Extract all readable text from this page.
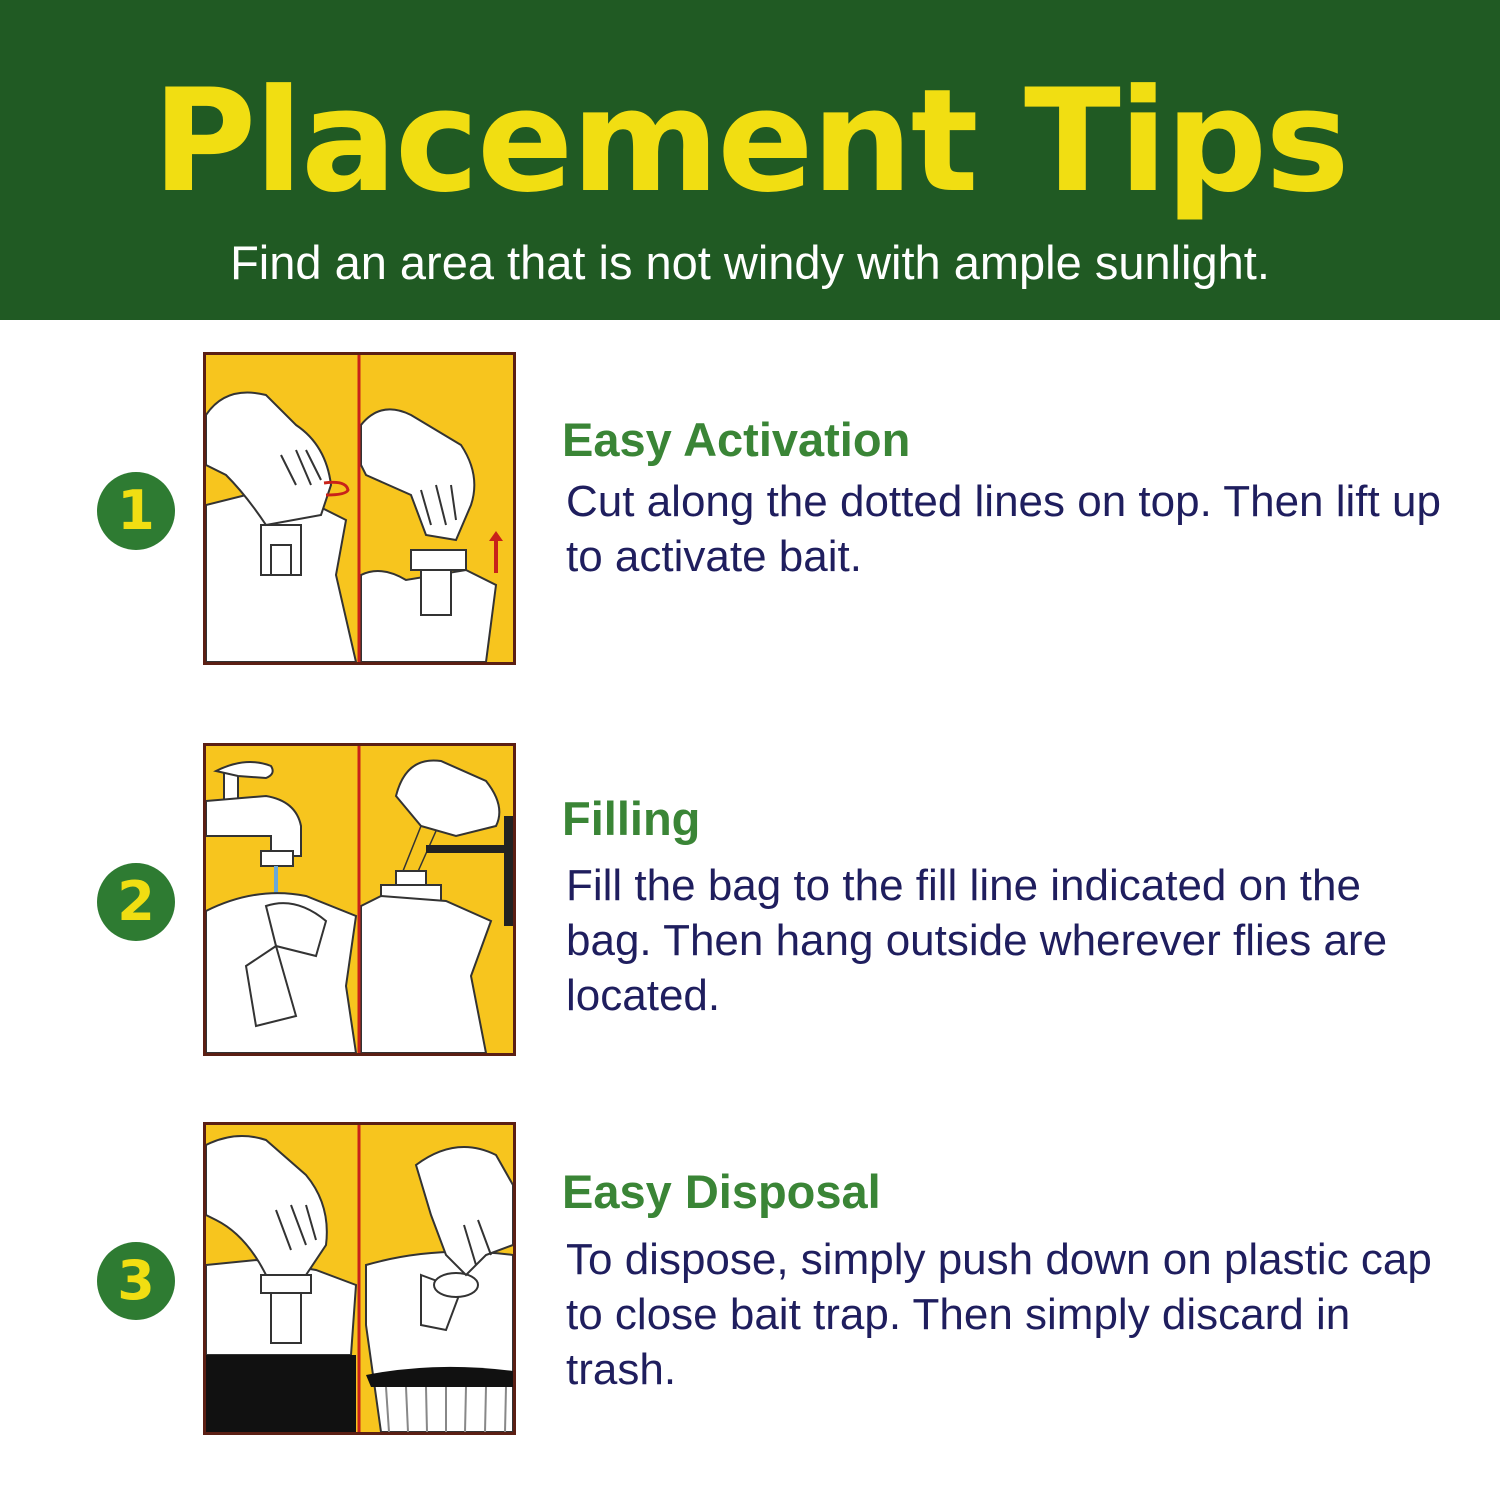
Placement Tips
Find an area that is not windy with ample sunlight.
1
Easy Activation
Cut along the dotted lines on top. Then lift up to activate bait.
2
Filling
Fill the bag to the fill line indicated on the bag. Then hang outside wherever flies are located.
3
Easy Disposal
To dispose, simply push down on plastic cap to close bait trap. Then simply discard in trash.
